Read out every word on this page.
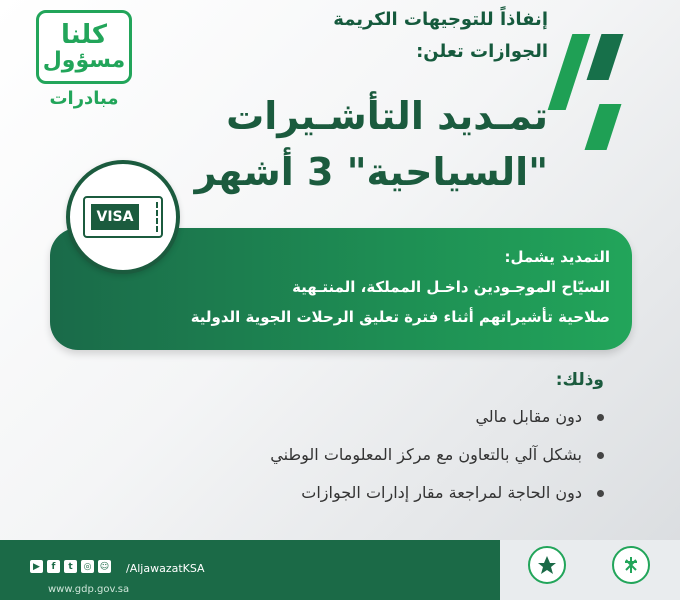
كلنا
مسؤول
مبادرات
إنفاذاً للتوجيهات الكريمة
الجوازات تعلن:
تمـديد التأشـيرات
"السياحية" 3 أشهر
VISA
التمديد يشمل:
السيّاح الموجـودين داخـل المملكة، المنتـهية
صلاحية تأشيراتهم أثناء فترة تعليق الرحلات الجوية الدولية
وذلك:
دون مقابل مالي
بشكل آلي بالتعاون مع مركز المعلومات الوطني
دون الحاجة لمراجعة مقار إدارات الجوازات
▶	f	t	◎ ☺ /AljawazatKSA
www.gdp.gov.sa
